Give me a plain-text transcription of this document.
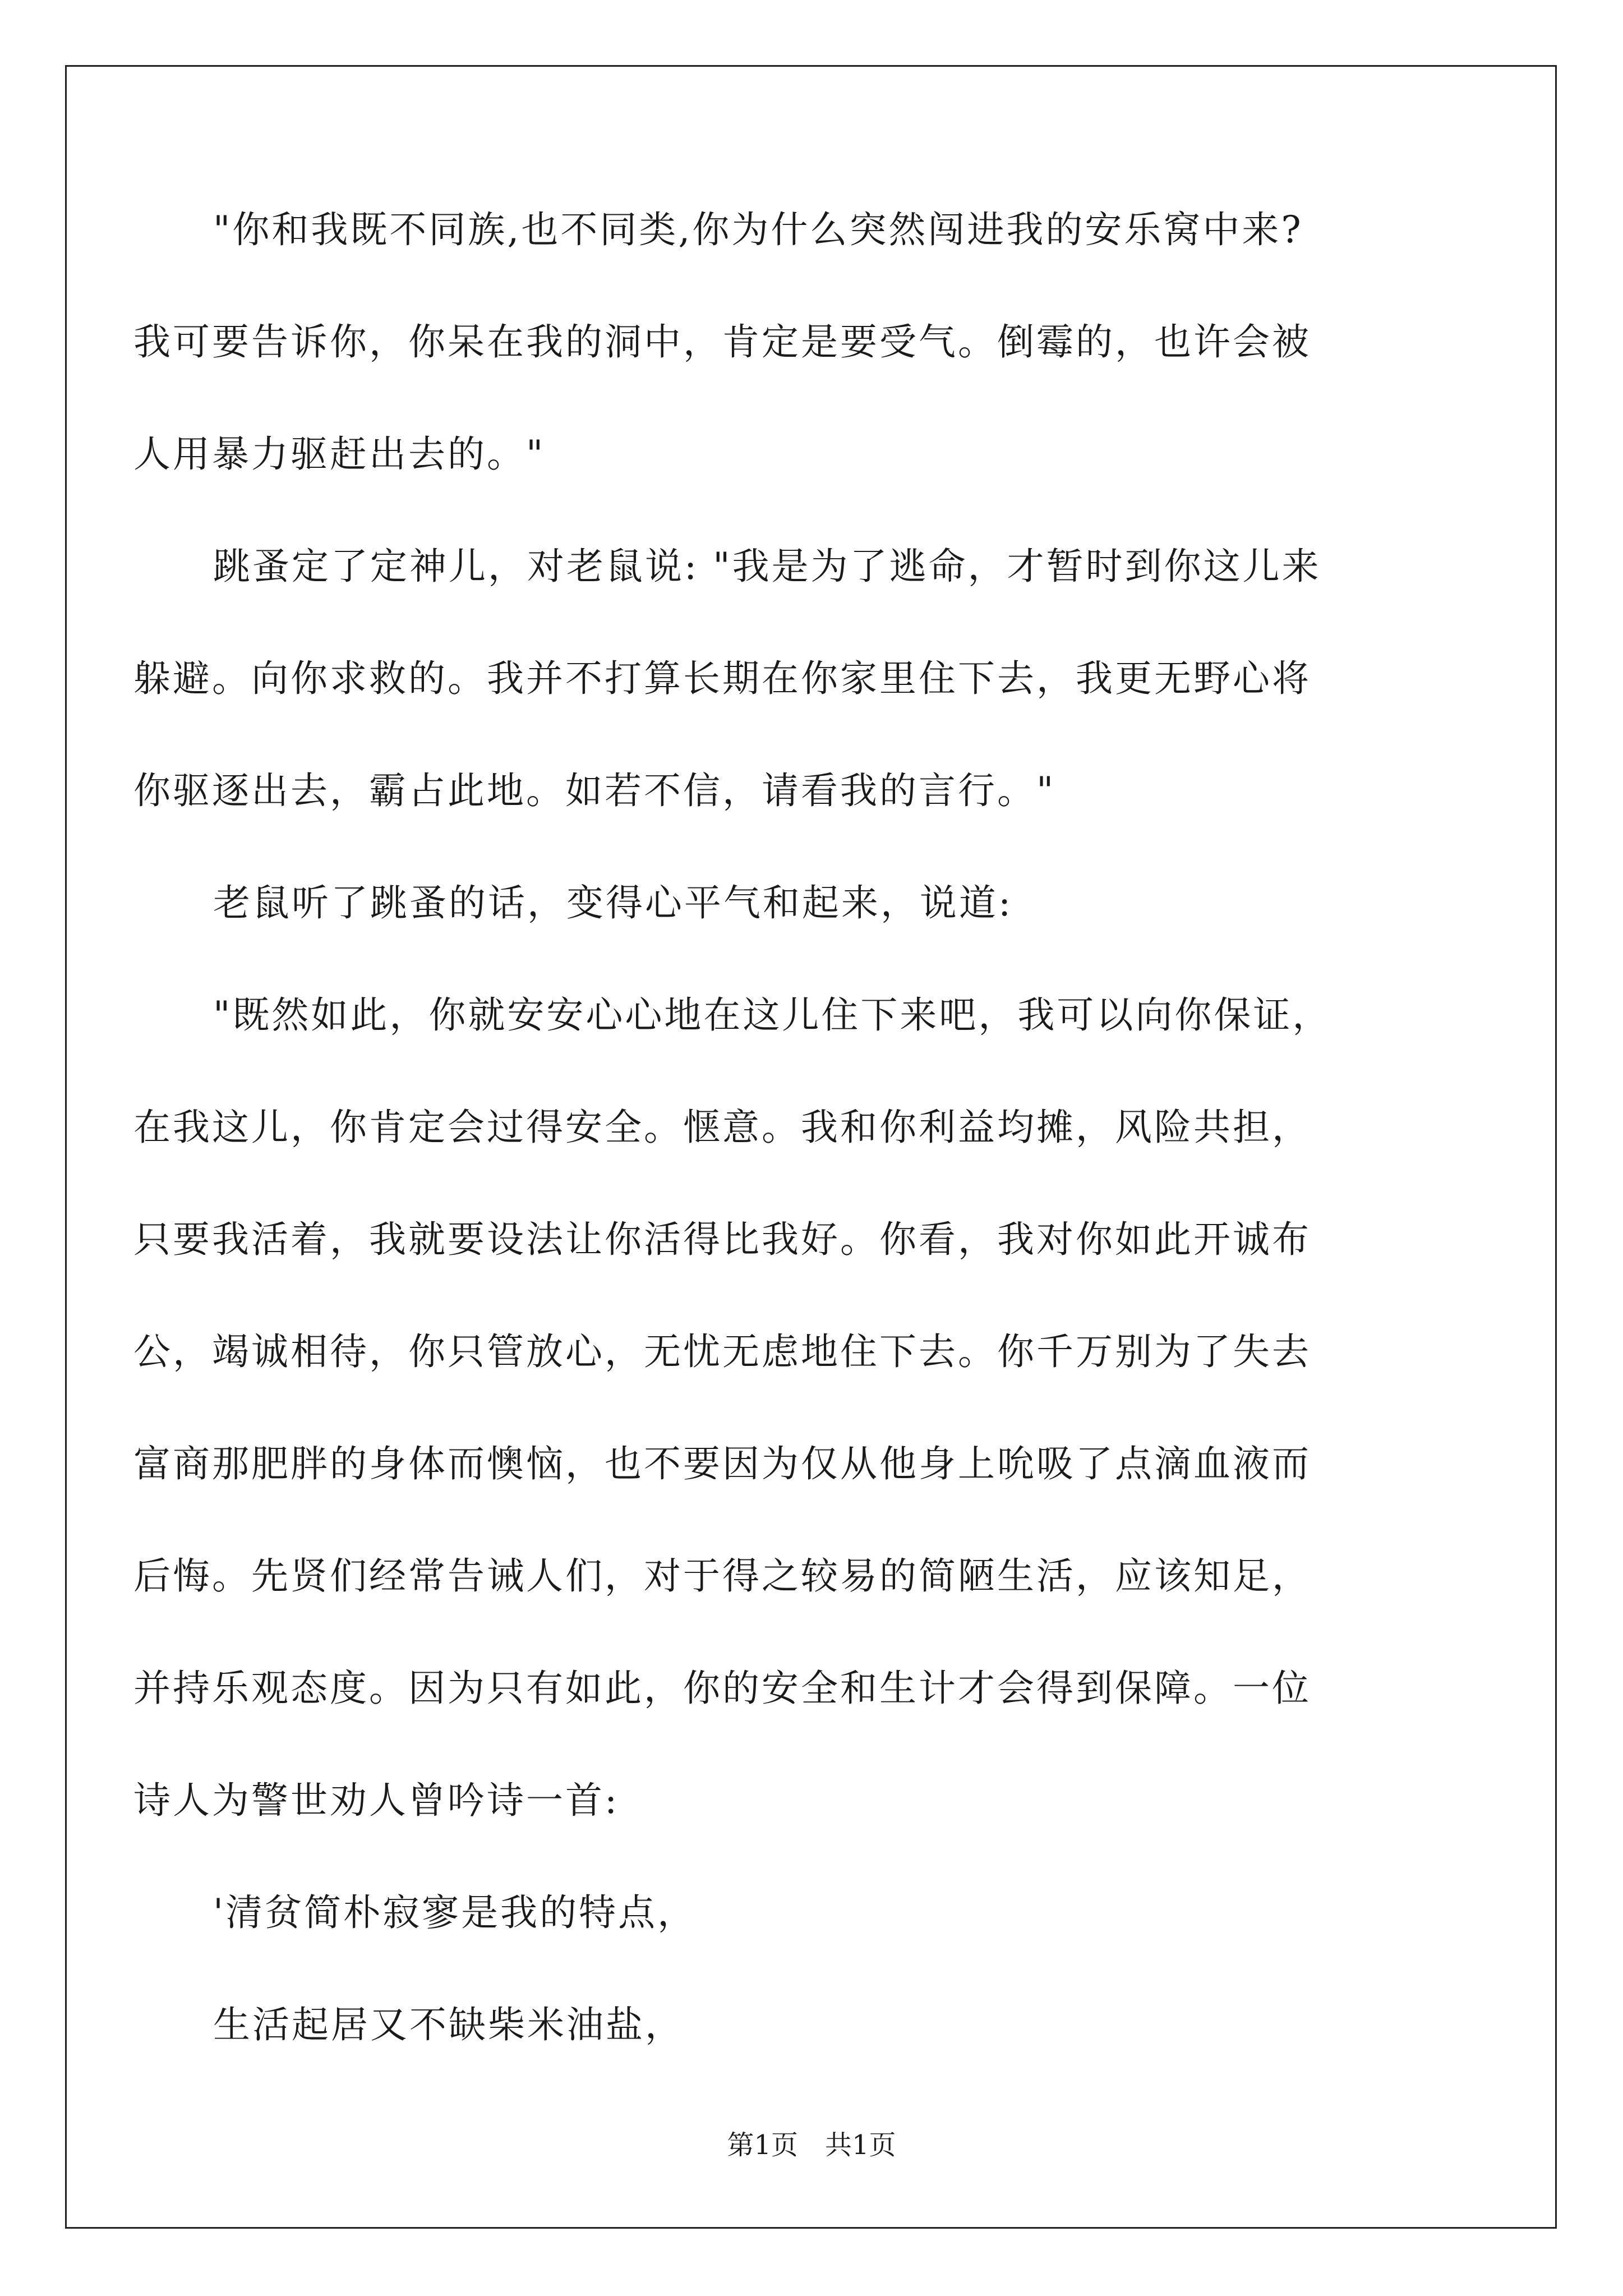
"你和我既不同族,也不同类,你为什么突然闯进我的安乐窝中来?
我可要告诉你，你呆在我的洞中，肯定是要受气。倒霉的，也许会被
人用暴力驱赶出去的。"
跳蚤定了定神儿，对老鼠说: "我是为了逃命，才暂时到你这儿来
躲避。向你求救的。我并不打算长期在你家里住下去，我更无野心将
你驱逐出去，霸占此地。如若不信，请看我的言行。"
老鼠听了跳蚤的话，变得心平气和起来，说道:
"既然如此，你就安安心心地在这儿住下来吧，我可以向你保证，
在我这儿，你肯定会过得安全。惬意。我和你利益均摊，风险共担，
只要我活着，我就要设法让你活得比我好。你看，我对你如此开诚布
公，竭诚相待，你只管放心，无忧无虑地住下去。你千万别为了失去
富商那肥胖的身体而懊恼，也不要因为仅从他身上吮吸了点滴血液而
后悔。先贤们经常告诫人们，对于得之较易的简陋生活，应该知足，
并持乐观态度。因为只有如此，你的安全和生计才会得到保障。一位
诗人为警世劝人曾吟诗一首:
'清贫简朴寂寥是我的特点，
生活起居又不缺柴米油盐，
第1页　共1页
